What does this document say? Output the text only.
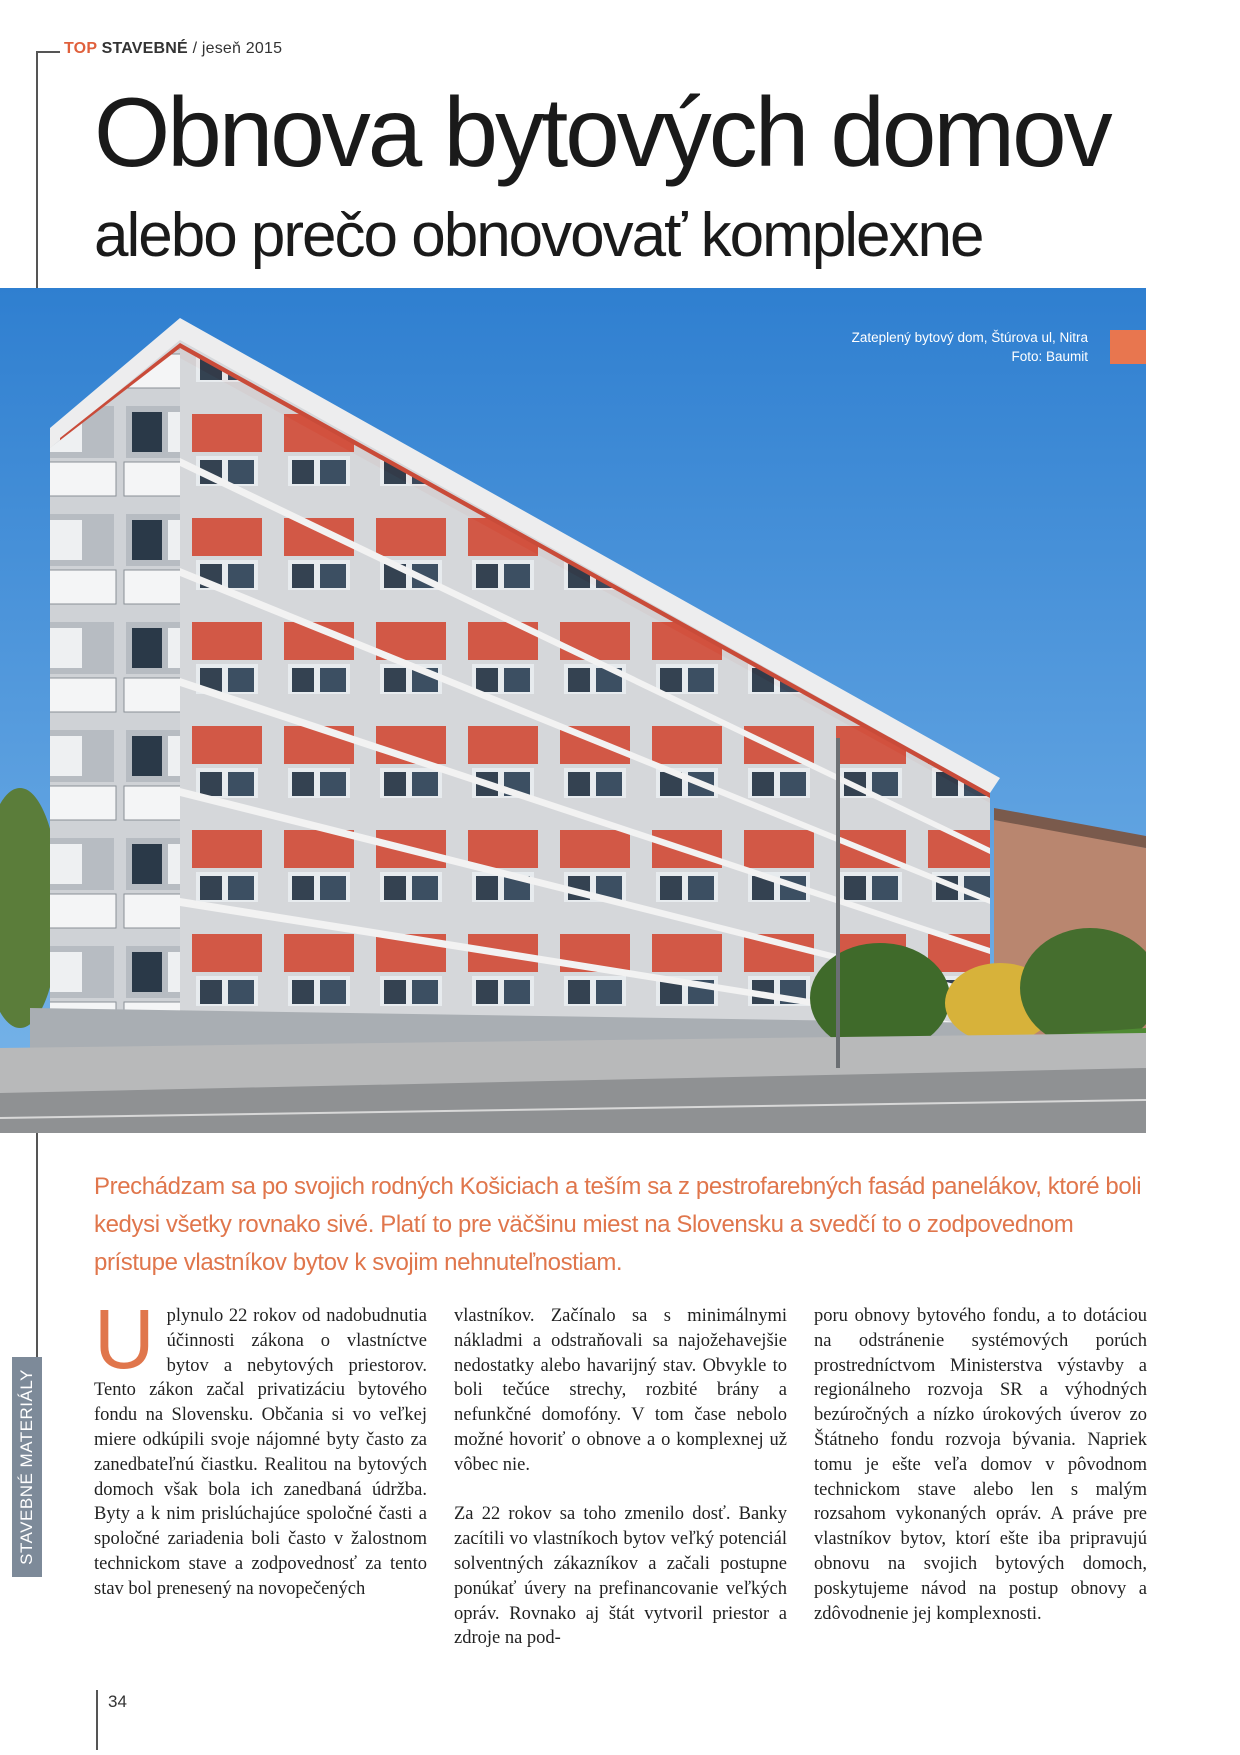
TOP STAVEBNÉ / jeseň 2015
Obnova bytových domov
alebo prečo obnovovať komplexne
Zateplený bytový dom, Štúrova ul, Nitra
Foto: Baumit
Prechádzam sa po svojich rodných Košiciach a teším sa z pestrofarebných fasád panelákov, ktoré boli kedysi všetky rovnako sivé. Platí to pre väčšinu miest na Slovensku a svedčí to o zodpovednom prístupe vlastníkov bytov k svojim nehnuteľnostiam.
STAVEBNÉ MATERIÁLY
U plynulo 22 rokov od nadobudnutia účinnosti zákona o vlastníctve bytov a nebytových priestorov. Tento zákon začal privatizáciu bytového fondu na Slovensku. Občania si vo veľkej miere odkúpili svoje nájomné byty často za zanedbateľnú čiastku. Realitou na bytových domoch však bola ich zanedbaná údržba. Byty a k nim prislúchajúce spoločné časti a spoločné zariadenia boli často v žalostnom technickom stave a zodpovednosť za tento stav bol prenesený na novopečených

vlastníkov. Začínalo sa s minimálnymi nákladmi a odstraňovali sa najožehavejšie nedostatky alebo havarijný stav. Obvykle to boli tečúce strechy, rozbité brány a nefunkčné domofóny. V tom čase nebolo možné hovoriť o obnove a o komplexnej už vôbec nie.

Za 22 rokov sa toho zmenilo dosť. Banky zacítili vo vlastníkoch bytov veľký potenciál solventných zákazníkov a začali postupne ponúkať úvery na prefinancovanie veľkých opráv. Rovnako aj štát vytvoril priestor a zdroje na pod-

poru obnovy bytového fondu, a to dotáciou na odstránenie systémových porúch prostredníctvom Ministerstva výstavby a regionálneho rozvoja SR a výhodných bezúročných a nízko úrokových úverov zo Štátneho fondu rozvoja bývania. Napriek tomu je ešte veľa domov v pôvodnom technickom stave alebo len s malým rozsahom vykonaných opráv. A práve pre vlastníkov bytov, ktorí ešte iba pripravujú obnovu na svojich bytových domoch, poskytujeme návod na postup obnovy a zdôvodnenie jej komplexnosti.
34
